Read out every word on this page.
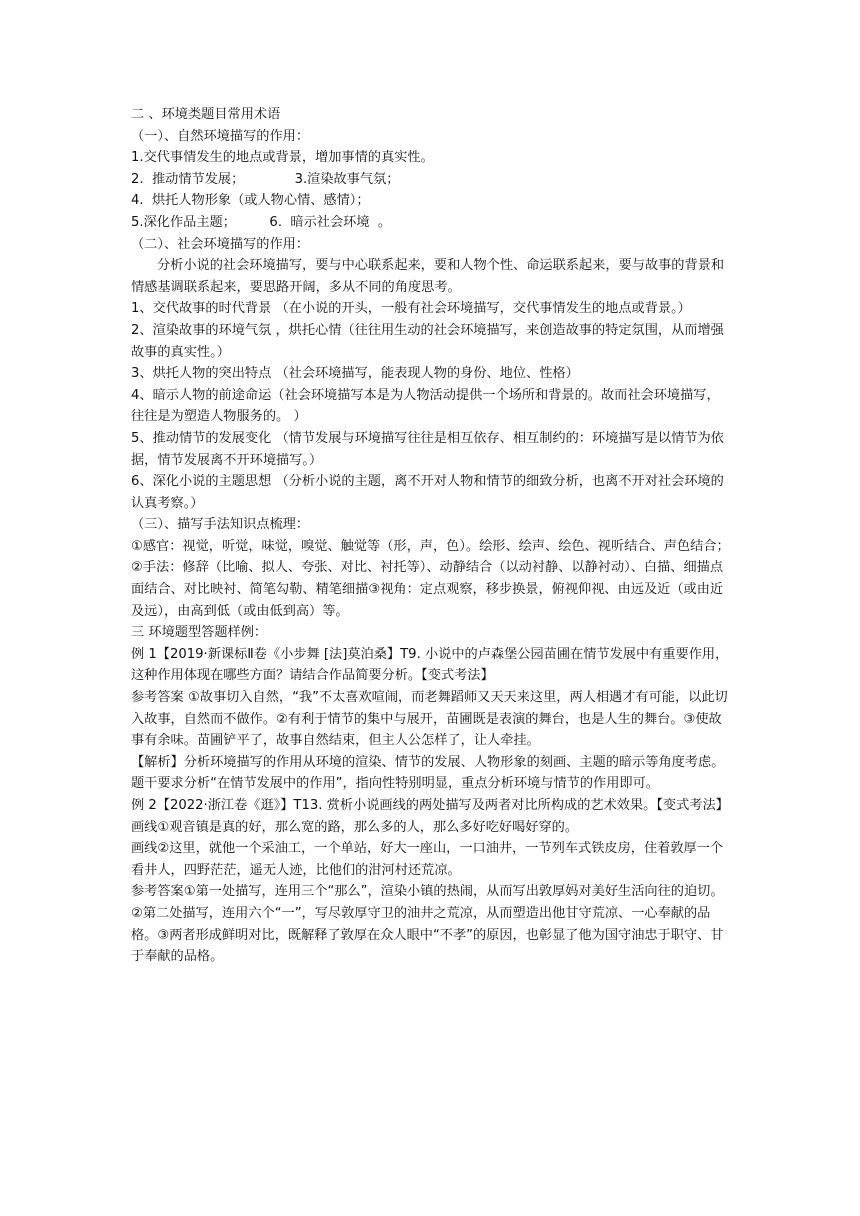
二 、环境类题目常用术语
（一）、自然环境描写的作用：
1.交代事情发生的地点或背景，增加事情的真实性。
2.  推动情节发展；            3.渲染故事气氛；
4.  烘托人物形象（或人物心情、感情）；
5.深化作品主题；        6.  暗示社会环境  。
（二）、社会环境描写的作用：
分析小说的社会环境描写，要与中心联系起来，要和人物个性、命运联系起来，要与故事的背景和情感基调联系起来，要思路开阔，多从不同的角度思考。
1、交代故事的时代背景 （在小说的开头，一般有社会环境描写，交代事情发生的地点或背景。）
2、渲染故事的环境气氛 ，烘托心情（往往用生动的社会环境描写，来创造故事的特定氛围，从而增强故事的真实性。）
3、烘托人物的突出特点 （社会环境描写，能表现人物的身份、地位、性格）
4、暗示人物的前途命运（社会环境描写本是为人物活动提供一个场所和背景的。故而社会环境描写，往往是为塑造人物服务的。 ）
5、推动情节的发展变化 （情节发展与环境描写往往是相互依存、相互制约的：环境描写是以情节为依据，情节发展离不开环境描写。）
6、深化小说的主题思想 （分析小说的主题，离不开对人物和情节的细致分析，也离不开对社会环境的认真考察。）
（三）、描写手法知识点梳理：
①感官：视觉，听觉，味觉，嗅觉、触觉等（形，声，色）。绘形、绘声、绘色、视听结合、声色结合；②手法：修辞（比喻、拟人、夸张、对比、衬托等）、动静结合（以动衬静、以静衬动）、白描、细描点面结合、对比映衬、简笔勾勒、精笔细描③视角：定点观察，移步换景，俯视仰视、由远及近（或由近及远），由高到低（或由低到高）等。
三 环境题型答题样例：
例 1【2019·新课标Ⅱ卷《小步舞 [法]莫泊桑】T9. 小说中的卢森堡公园苗圃在情节发展中有重要作用，这种作用体现在哪些方面？请结合作品简要分析。【变式考法】
参考答案 ①故事切入自然，“我”不太喜欢喧闹，而老舞蹈师又天天来这里，两人相遇才有可能，以此切入故事，自然而不做作。②有利于情节的集中与展开，苗圃既是表演的舞台，也是人生的舞台。③使故事有余味。苗圃铲平了，故事自然结束，但主人公怎样了，让人牵挂。
【解析】分析环境描写的作用从环境的渲染、情节的发展、人物形象的刻画、主题的暗示等角度考虑。题干要求分析“在情节发展中的作用”，指向性特别明显，重点分析环境与情节的作用即可。
例 2【2022·浙江卷《逛》】T13. 赏析小说画线的两处描写及两者对比所构成的艺术效果。【变式考法】
画线①观音镇是真的好，那么宽的路，那么多的人，那么多好吃好喝好穿的。
画线②这里，就他一个采油工，一个单站，好大一座山，一口油井，一节列车式铁皮房，住着敦厚一个看井人，四野茫茫，遥无人迹，比他们的泔河村还荒凉。
参考答案①第一处描写，连用三个“那么”，渲染小镇的热闹，从而写出敦厚妈对美好生活向往的迫切。②第二处描写，连用六个“一”，写尽敦厚守卫的油井之荒凉，从而塑造出他甘守荒凉、一心奉献的品格。③两者形成鲜明对比，既解释了敦厚在众人眼中“不孝”的原因，也彰显了他为国守油忠于职守、甘于奉献的品格。
